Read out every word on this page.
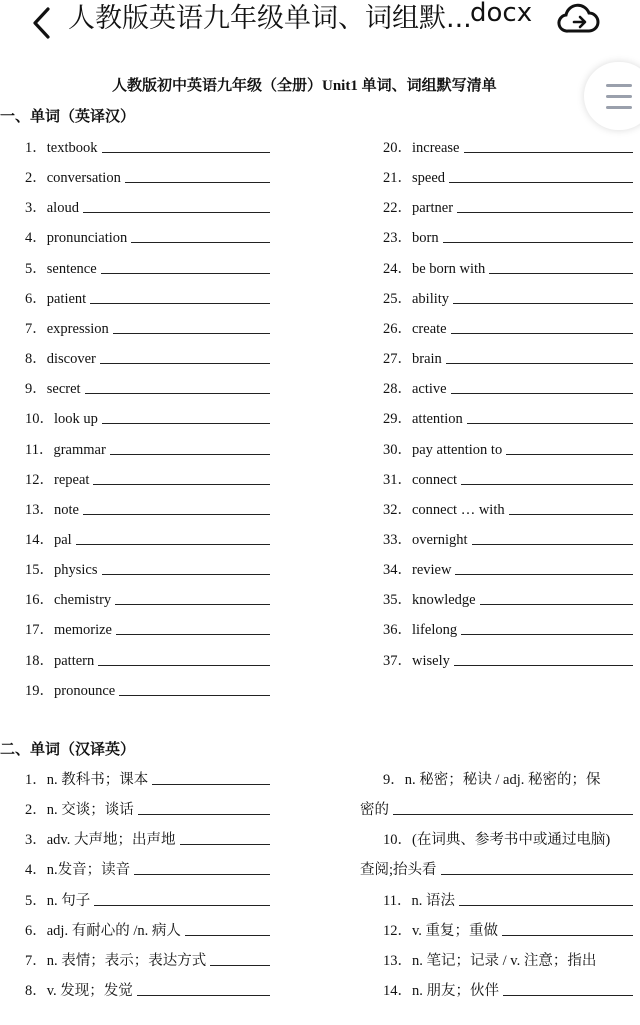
人教版英语九年级单词、词组默...
docx
人教版初中英语九年级（全册）Unit1 单词、词组默写清单
一、单词（英译汉）
1．textbook
2．conversation
3．aloud
4．pronunciation
5．sentence
6．patient
7．expression
8．discover
9．secret
10．look up
11．grammar
12．repeat
13．note
14．pal
15．physics
16．chemistry
17．memorize
18．pattern
19．pronounce
20．increase
21．speed
22．partner
23．born
24．be born with
25．ability
26．create
27．brain
28．active
29．attention
30．pay attention to
31．connect
32．connect … with
33．overnight
34．review
35．knowledge
36．lifelong
37．wisely
二、单词（汉译英）
1．n. 教科书；课本
2．n. 交谈；谈话
3．adv. 大声地；出声地
4．n.发音；读音
5．n. 句子
6．adj. 有耐心的 /n. 病人
7．n. 表情；表示；表达方式
8．v. 发现；发觉
9．n. 秘密；秘诀 / adj. 秘密的；保
密的
10．(在词典、参考书中或通过电脑)
查阅;抬头看
11．n. 语法
12．v. 重复；重做
13．n. 笔记；记录 / v. 注意；指出
14．n. 朋友；伙伴
